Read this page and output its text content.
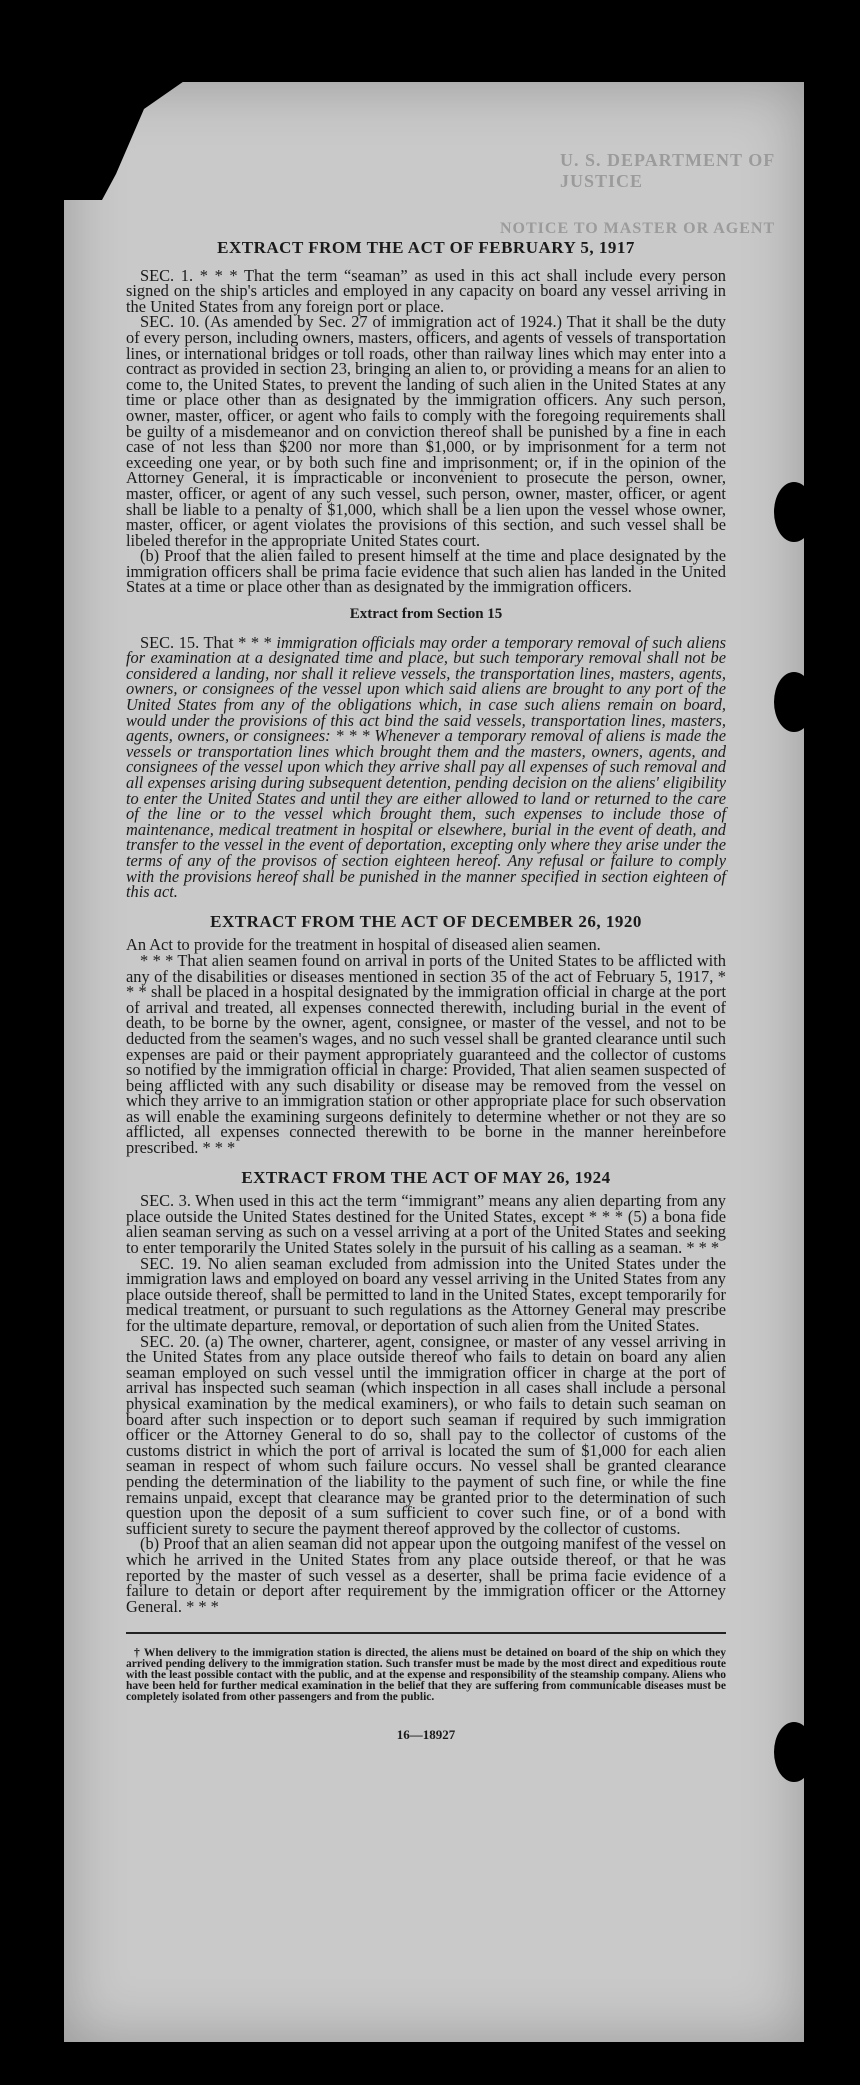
U. S. DEPARTMENT OF JUSTICE
NOTICE TO MASTER OR AGENT
EXTRACT FROM THE ACT OF FEBRUARY 5, 1917

SEC. 1. * * * That the term “seaman” as used in this act shall include every person signed on the ship's articles and employed in any capacity on board any vessel arriving in the United States from any foreign port or place.

SEC. 10. (As amended by Sec. 27 of immigration act of 1924.) That it shall be the duty of every person, including owners, masters, officers, and agents of vessels of transportation lines, or international bridges or toll roads, other than railway lines which may enter into a contract as provided in section 23, bringing an alien to, or providing a means for an alien to come to, the United States, to prevent the landing of such alien in the United States at any time or place other than as designated by the immigration officers. Any such person, owner, master, officer, or agent who fails to comply with the foregoing requirements shall be guilty of a misdemeanor and on conviction thereof shall be punished by a fine in each case of not less than $200 nor more than $1,000, or by imprisonment for a term not exceeding one year, or by both such fine and imprisonment; or, if in the opinion of the Attorney General, it is impracticable or inconvenient to prosecute the person, owner, master, officer, or agent of any such vessel, such person, owner, master, officer, or agent shall be liable to a penalty of $1,000, which shall be a lien upon the vessel whose owner, master, officer, or agent violates the provisions of this section, and such vessel shall be libeled therefor in the appropriate United States court.

(b) Proof that the alien failed to present himself at the time and place designated by the immigration officers shall be prima facie evidence that such alien has landed in the United States at a time or place other than as designated by the immigration officers.

Extract from Section 15

SEC. 15. That * * * immigration officials may order a temporary removal of such aliens for examination at a designated time and place, but such temporary removal shall not be considered a landing, nor shall it relieve vessels, the transportation lines, masters, agents, owners, or consignees of the vessel upon which said aliens are brought to any port of the United States from any of the obligations which, in case such aliens remain on board, would under the provisions of this act bind the said vessels, transportation lines, masters, agents, owners, or consignees: * * * Whenever a temporary removal of aliens is made the vessels or transportation lines which brought them and the masters, owners, agents, and consignees of the vessel upon which they arrive shall pay all expenses of such removal and all expenses arising during subsequent detention, pending decision on the aliens' eligibility to enter the United States and until they are either allowed to land or returned to the care of the line or to the vessel which brought them, such expenses to include those of maintenance, medical treatment in hospital or elsewhere, burial in the event of death, and transfer to the vessel in the event of deportation, excepting only where they arise under the terms of any of the provisos of section eighteen hereof. Any refusal or failure to comply with the provisions hereof shall be punished in the manner specified in section eighteen of this act.

EXTRACT FROM THE ACT OF DECEMBER 26, 1920

An Act to provide for the treatment in hospital of diseased alien seamen.

* * * That alien seamen found on arrival in ports of the United States to be afflicted with any of the disabilities or diseases mentioned in section 35 of the act of February 5, 1917, * * * shall be placed in a hospital designated by the immigration official in charge at the port of arrival and treated, all expenses connected therewith, including burial in the event of death, to be borne by the owner, agent, consignee, or master of the vessel, and not to be deducted from the seamen's wages, and no such vessel shall be granted clearance until such expenses are paid or their payment appropriately guaranteed and the collector of customs so notified by the immigration official in charge: Provided, That alien seamen suspected of being afflicted with any such disability or disease may be removed from the vessel on which they arrive to an immigration station or other appropriate place for such observation as will enable the examining surgeons definitely to determine whether or not they are so afflicted, all expenses connected therewith to be borne in the manner hereinbefore prescribed. * * *

EXTRACT FROM THE ACT OF MAY 26, 1924

SEC. 3. When used in this act the term “immigrant” means any alien departing from any place outside the United States destined for the United States, except * * * (5) a bona fide alien seaman serving as such on a vessel arriving at a port of the United States and seeking to enter temporarily the United States solely in the pursuit of his calling as a seaman. * * *

SEC. 19. No alien seaman excluded from admission into the United States under the immigration laws and employed on board any vessel arriving in the United States from any place outside thereof, shall be permitted to land in the United States, except temporarily for medical treatment, or pursuant to such regulations as the Attorney General may prescribe for the ultimate departure, removal, or deportation of such alien from the United States.

SEC. 20. (a) The owner, charterer, agent, consignee, or master of any vessel arriving in the United States from any place outside thereof who fails to detain on board any alien seaman employed on such vessel until the immigration officer in charge at the port of arrival has inspected such seaman (which inspection in all cases shall include a personal physical examination by the medical examiners), or who fails to detain such seaman on board after such inspection or to deport such seaman if required by such immigration officer or the Attorney General to do so, shall pay to the collector of customs of the customs district in which the port of arrival is located the sum of $1,000 for each alien seaman in respect of whom such failure occurs. No vessel shall be granted clearance pending the determination of the liability to the payment of such fine, or while the fine remains unpaid, except that clearance may be granted prior to the determination of such question upon the deposit of a sum sufficient to cover such fine, or of a bond with sufficient surety to secure the payment thereof approved by the collector of customs.

(b) Proof that an alien seaman did not appear upon the outgoing manifest of the vessel on which he arrived in the United States from any place outside thereof, or that he was reported by the master of such vessel as a deserter, shall be prima facie evidence of a failure to detain or deport after requirement by the immigration officer or the Attorney General. * * *

† When delivery to the immigration station is directed, the aliens must be detained on board of the ship on which they arrived pending delivery to the immigration station. Such transfer must be made by the most direct and expeditious route with the least possible contact with the public, and at the expense and responsibility of the steamship company. Aliens who have been held for further medical examination in the belief that they are suffering from communicable diseases must be completely isolated from other passengers and from the public.

16—18927
